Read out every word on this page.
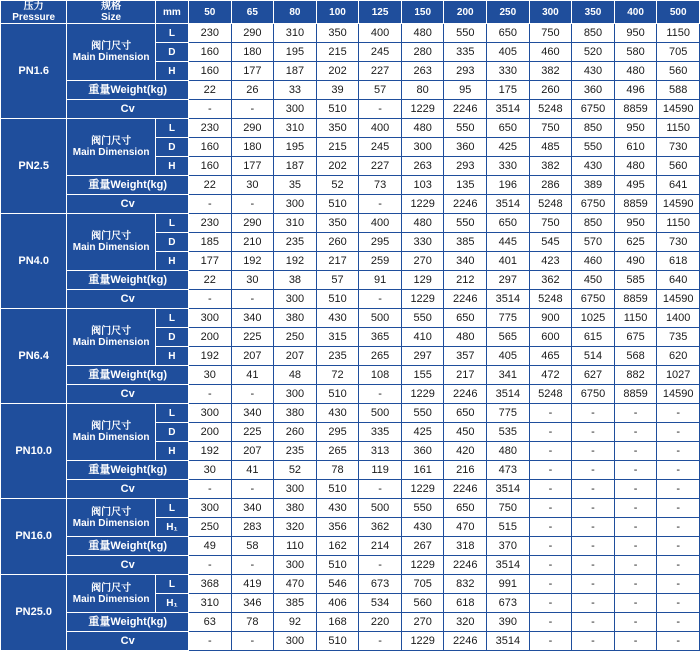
压力
Pressure	规格
Size	mm	50	65	80	100	125	150	200	250	300	350	400	500
PN1.6	阀门尺寸
Main Dimension	L	230	290	310	350	400	480	550	650	750	850	950	1150
		D	160	180	195	215	245	280	335	405	460	520	580	705
		H	160	177	187	202	227	263	293	330	382	430	480	560
	重量Weight(kg)		22	26	33	39	57	80	95	175	260	360	496	588
	Cv		-	-	300	510	-	1229	2246	3514	5248	6750	8859	14590
PN2.5	阀门尺寸
Main Dimension	L	230	290	310	350	400	480	550	650	750	850	950	1150
		D	160	180	195	215	245	300	360	425	485	550	610	730
		H	160	177	187	202	227	263	293	330	382	430	480	560
	重量Weight(kg)		22	30	35	52	73	103	135	196	286	389	495	641
	Cv		-	-	300	510	-	1229	2246	3514	5248	6750	8859	14590
PN4.0	阀门尺寸
Main Dimension	L	230	290	310	350	400	480	550	650	750	850	950	1150
		D	185	210	235	260	295	330	385	445	545	570	625	730
		H	177	192	192	217	259	270	340	401	423	460	490	618
	重量Weight(kg)		22	30	38	57	91	129	212	297	362	450	585	640
	Cv		-	-	300	510	-	1229	2246	3514	5248	6750	8859	14590
PN6.4	阀门尺寸
Main Dimension	L	300	340	380	430	500	550	650	775	900	1025	1150	1400
		D	200	225	250	315	365	410	480	565	600	615	675	735
		H	192	207	207	235	265	297	357	405	465	514	568	620
	重量Weight(kg)		30	41	48	72	108	155	217	341	472	627	882	1027
	Cv		-	-	300	510	-	1229	2246	3514	5248	6750	8859	14590
PN10.0	阀门尺寸
Main Dimension	L	300	340	380	430	500	550	650	775	-	-	-	-
		D	200	225	260	295	335	425	450	535	-	-	-	-
		H	192	207	235	265	313	360	420	480	-	-	-	-
	重量Weight(kg)		30	41	52	78	119	161	216	473	-	-	-	-
	Cv		-	-	300	510	-	1229	2246	3514	-	-	-	-
PN16.0	阀门尺寸
Main Dimension	L	300	340	380	430	500	550	650	750	-	-	-	-
		H₁	250	283	320	356	362	430	470	515	-	-	-	-
	重量Weight(kg)		49	58	110	162	214	267	318	370	-	-	-	-
	Cv		-	-	300	510	-	1229	2246	3514	-	-	-	-
PN25.0	阀门尺寸
Main Dimension	L	368	419	470	546	673	705	832	991	-	-	-	-
		H₁	310	346	385	406	534	560	618	673	-	-	-	-
	重量Weight(kg)		63	78	92	168	220	270	320	390	-	-	-	-
	Cv		-	-	300	510	-	1229	2246	3514	-	-	-	-
